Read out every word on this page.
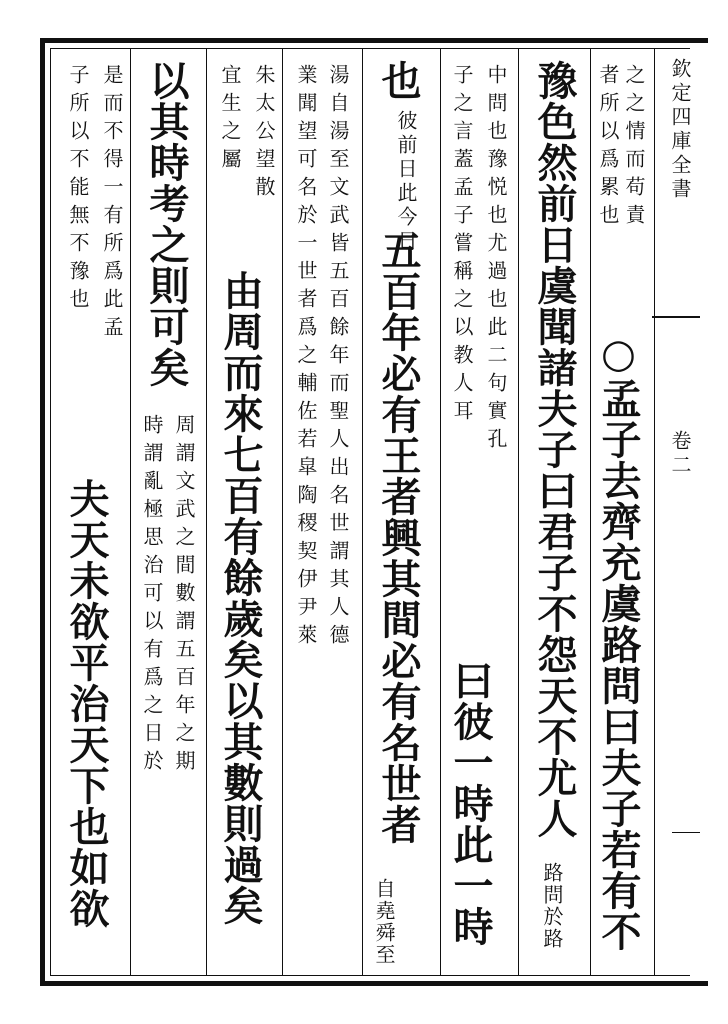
欽定四庫全書
卷二
之之情而苟責
者所以爲累也
○孟子去齊充虞路問曰夫子若有不
豫色然前日虞聞諸夫子曰君子不怨天不尤人
路問於路
中問也豫悦也尤過也此二句實孔
子之言蓋孟子嘗稱之以教人耳
曰彼一時此一時
也
彼前日此今日
五百年必有王者興其間必有名世者
自堯舜至
湯自湯至文武皆五百餘年而聖人出名世謂其人德
業聞望可名於一世者爲之輔佐若皐陶稷契伊尹萊
朱太公望散
宜生之屬
由周而來七百有餘歲矣以其數則過矣
以其時考之則可矣
周謂文武之間數謂五百年之期
時謂亂極思治可以有爲之日於
是而不得一有所爲此孟
子所以不能無不豫也
夫天未欲平治天下也如欲
